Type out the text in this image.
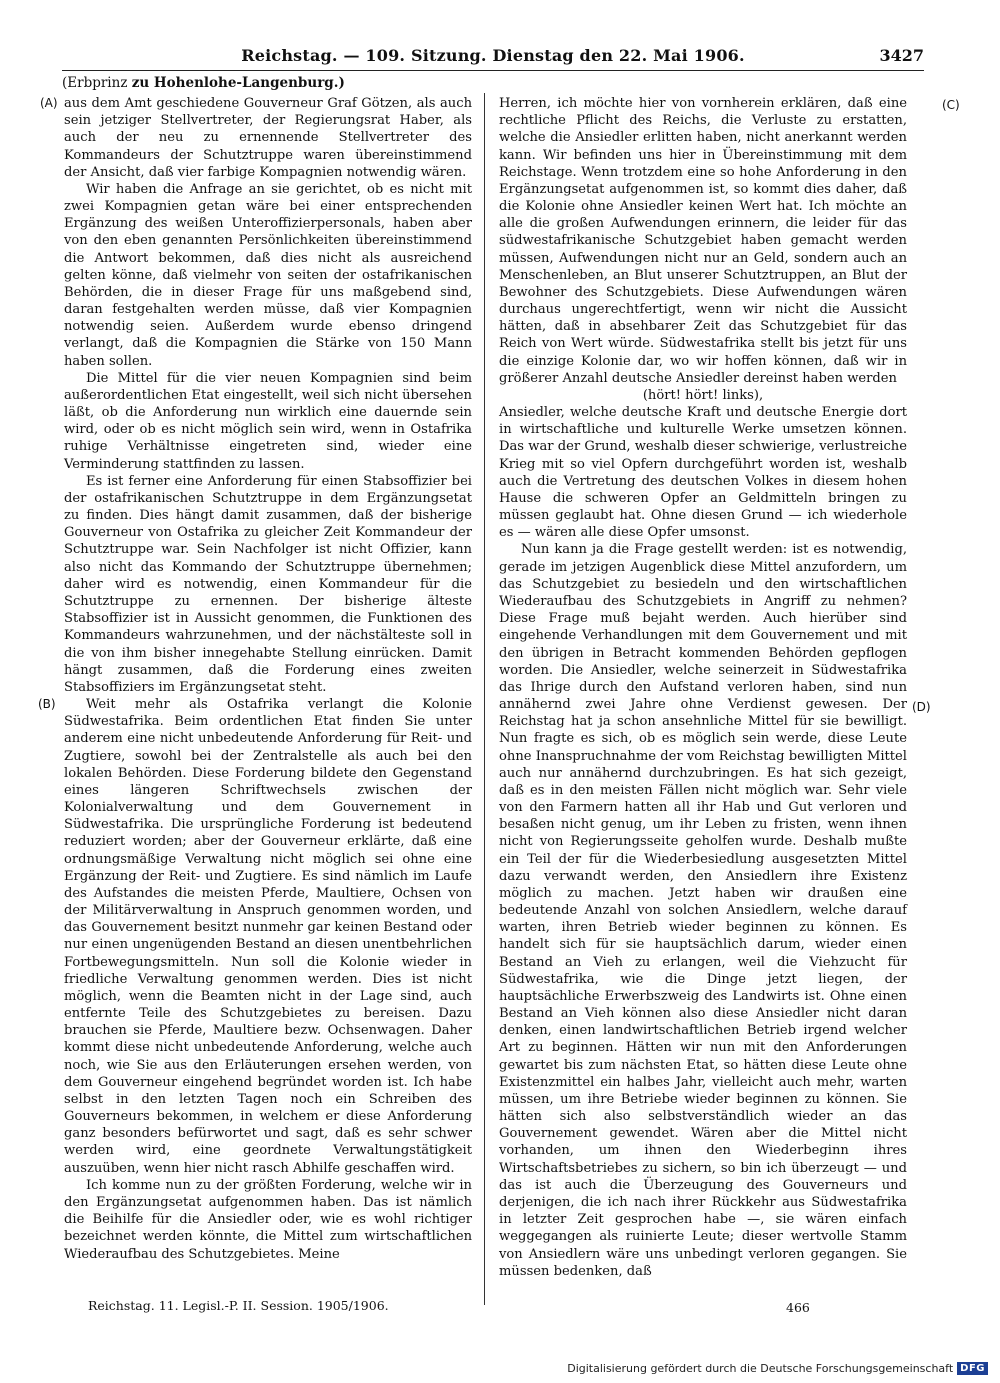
Reichstag. — 109. Sitzung. Dienstag den 22. Mai 1906.	3427
(Erbprinz zu Hohenlohe-Langenburg.)
(A)
(B)
(C)
(D)

aus dem Amt geschiedene Gouverneur Graf Götzen, als auch sein jetziger Stellvertreter, der Regierungsrat Haber, als auch der neu zu ernennende Stellvertreter des Kommandeurs der Schutztruppe waren übereinstimmend der Ansicht, daß vier farbige Kompagnien notwendig wären.

Wir haben die Anfrage an sie gerichtet, ob es nicht mit zwei Kompagnien getan wäre bei einer entsprechenden Ergänzung des weißen Unteroffizierpersonals, haben aber von den eben genannten Persönlichkeiten übereinstimmend die Antwort bekommen, daß dies nicht als ausreichend gelten könne, daß vielmehr von seiten der ostafrikanischen Behörden, die in dieser Frage für uns maßgebend sind, daran festgehalten werden müsse, daß vier Kompagnien notwendig seien. Außerdem wurde ebenso dringend verlangt, daß die Kompagnien die Stärke von 150 Mann haben sollen.

Die Mittel für die vier neuen Kompagnien sind beim außerordentlichen Etat eingestellt, weil sich nicht übersehen läßt, ob die Anforderung nun wirklich eine dauernde sein wird, oder ob es nicht möglich sein wird, wenn in Ostafrika ruhige Verhältnisse eingetreten sind, wieder eine Verminderung stattfinden zu lassen.

Es ist ferner eine Anforderung für einen Stabsoffizier bei der ostafrikanischen Schutztruppe in dem Ergänzungsetat zu finden. Dies hängt damit zusammen, daß der bisherige Gouverneur von Ostafrika zu gleicher Zeit Kommandeur der Schutztruppe war. Sein Nachfolger ist nicht Offizier, kann also nicht das Kommando der Schutztruppe übernehmen; daher wird es notwendig, einen Kommandeur für die Schutztruppe zu ernennen. Der bisherige älteste Stabsoffizier ist in Aussicht genommen, die Funktionen des Kommandeurs wahrzunehmen, und der nächstälteste soll in die von ihm bisher innegehabte Stellung einrücken. Damit hängt zusammen, daß die Forderung eines zweiten Stabsoffiziers im Ergänzungsetat steht.

Weit mehr als Ostafrika verlangt die Kolonie Südwestafrika. Beim ordentlichen Etat finden Sie unter anderem eine nicht unbedeutende Anforderung für Reit- und Zugtiere, sowohl bei der Zentralstelle als auch bei den lokalen Behörden. Diese Forderung bildete den Gegenstand eines längeren Schriftwechsels zwischen der Kolonialverwaltung und dem Gouvernement in Südwestafrika. Die ursprüngliche Forderung ist bedeutend reduziert worden; aber der Gouverneur erklärte, daß eine ordnungsmäßige Verwaltung nicht möglich sei ohne eine Ergänzung der Reit- und Zugtiere. Es sind nämlich im Laufe des Aufstandes die meisten Pferde, Maultiere, Ochsen von der Militärverwaltung in Anspruch genommen worden, und das Gouvernement besitzt nunmehr gar keinen Bestand oder nur einen ungenügenden Bestand an diesen unentbehrlichen Fortbewegungsmitteln. Nun soll die Kolonie wieder in friedliche Verwaltung genommen werden. Dies ist nicht möglich, wenn die Beamten nicht in der Lage sind, auch entfernte Teile des Schutzgebietes zu bereisen. Dazu brauchen sie Pferde, Maultiere bezw. Ochsenwagen. Daher kommt diese nicht unbedeutende Anforderung, welche auch noch, wie Sie aus den Erläuterungen ersehen werden, von dem Gouverneur eingehend begründet worden ist. Ich habe selbst in den letzten Tagen noch ein Schreiben des Gouverneurs bekommen, in welchem er diese Anforderung ganz besonders befürwortet und sagt, daß es sehr schwer werden wird, eine geordnete Verwaltungstätigkeit auszuüben, wenn hier nicht rasch Abhilfe geschaffen wird.

Ich komme nun zu der größten Forderung, welche wir in den Ergänzungsetat aufgenommen haben. Das ist nämlich die Beihilfe für die Ansiedler oder, wie es wohl richtiger bezeichnet werden könnte, die Mittel zum wirtschaftlichen Wiederaufbau des Schutzgebietes. Meine

Herren, ich möchte hier von vornherein erklären, daß eine rechtliche Pflicht des Reichs, die Verluste zu erstatten, welche die Ansiedler erlitten haben, nicht anerkannt werden kann. Wir befinden uns hier in Übereinstimmung mit dem Reichstage. Wenn trotzdem eine so hohe Anforderung in den Ergänzungsetat aufgenommen ist, so kommt dies daher, daß die Kolonie ohne Ansiedler keinen Wert hat. Ich möchte an alle die großen Aufwendungen erinnern, die leider für das südwestafrikanische Schutzgebiet haben gemacht werden müssen, Aufwendungen nicht nur an Geld, sondern auch an Menschenleben, an Blut unserer Schutztruppen, an Blut der Bewohner des Schutzgebiets. Diese Aufwendungen wären durchaus ungerechtfertigt, wenn wir nicht die Aussicht hätten, daß in absehbarer Zeit das Schutzgebiet für das Reich von Wert würde. Südwestafrika stellt bis jetzt für uns die einzige Kolonie dar, wo wir hoffen können, daß wir in größerer Anzahl deutsche Ansiedler dereinst haben werden

(hört! hört! links),

Ansiedler, welche deutsche Kraft und deutsche Energie dort in wirtschaftliche und kulturelle Werke umsetzen können. Das war der Grund, weshalb dieser schwierige, verlustreiche Krieg mit so viel Opfern durchgeführt worden ist, weshalb auch die Vertretung des deutschen Volkes in diesem hohen Hause die schweren Opfer an Geldmitteln bringen zu müssen geglaubt hat. Ohne diesen Grund — ich wiederhole es — wären alle diese Opfer umsonst.

Nun kann ja die Frage gestellt werden: ist es notwendig, gerade im jetzigen Augenblick diese Mittel anzufordern, um das Schutzgebiet zu besiedeln und den wirtschaftlichen Wiederaufbau des Schutzgebiets in Angriff zu nehmen? Diese Frage muß bejaht werden. Auch hierüber sind eingehende Verhandlungen mit dem Gouvernement und mit den übrigen in Betracht kommenden Behörden gepflogen worden. Die Ansiedler, welche seinerzeit in Südwestafrika das Ihrige durch den Aufstand verloren haben, sind nun annähernd zwei Jahre ohne Verdienst gewesen. Der Reichstag hat ja schon ansehnliche Mittel für sie bewilligt. Nun fragte es sich, ob es möglich sein werde, diese Leute ohne Inanspruchnahme der vom Reichstag bewilligten Mittel auch nur annähernd durchzubringen. Es hat sich gezeigt, daß es in den meisten Fällen nicht möglich war. Sehr viele von den Farmern hatten all ihr Hab und Gut verloren und besaßen nicht genug, um ihr Leben zu fristen, wenn ihnen nicht von Regierungsseite geholfen wurde. Deshalb mußte ein Teil der für die Wiederbesiedlung ausgesetzten Mittel dazu verwandt werden, den Ansiedlern ihre Existenz möglich zu machen. Jetzt haben wir draußen eine bedeutende Anzahl von solchen Ansiedlern, welche darauf warten, ihren Betrieb wieder beginnen zu können. Es handelt sich für sie hauptsächlich darum, wieder einen Bestand an Vieh zu erlangen, weil die Viehzucht für Südwestafrika, wie die Dinge jetzt liegen, der hauptsächliche Erwerbszweig des Landwirts ist. Ohne einen Bestand an Vieh können also diese Ansiedler nicht daran denken, einen landwirtschaftlichen Betrieb irgend welcher Art zu beginnen. Hätten wir nun mit den Anforderungen gewartet bis zum nächsten Etat, so hätten diese Leute ohne Existenzmittel ein halbes Jahr, vielleicht auch mehr, warten müssen, um ihre Betriebe wieder beginnen zu können. Sie hätten sich also selbstverständlich wieder an das Gouvernement gewendet. Wären aber die Mittel nicht vorhanden, um ihnen den Wiederbeginn ihres Wirtschaftsbetriebes zu sichern, so bin ich überzeugt — und das ist auch die Überzeugung des Gouverneurs und derjenigen, die ich nach ihrer Rückkehr aus Südwestafrika in letzter Zeit gesprochen habe —, sie wären einfach weggegangen als ruinierte Leute; dieser wertvolle Stamm von Ansiedlern wäre uns unbedingt verloren gegangen. Sie müssen bedenken, daß

Reichstag. 11. Legisl.-P. II. Session. 1905/1906.	466
Digitalisierung gefördert durch die Deutsche Forschungsgemeinschaft DFG
